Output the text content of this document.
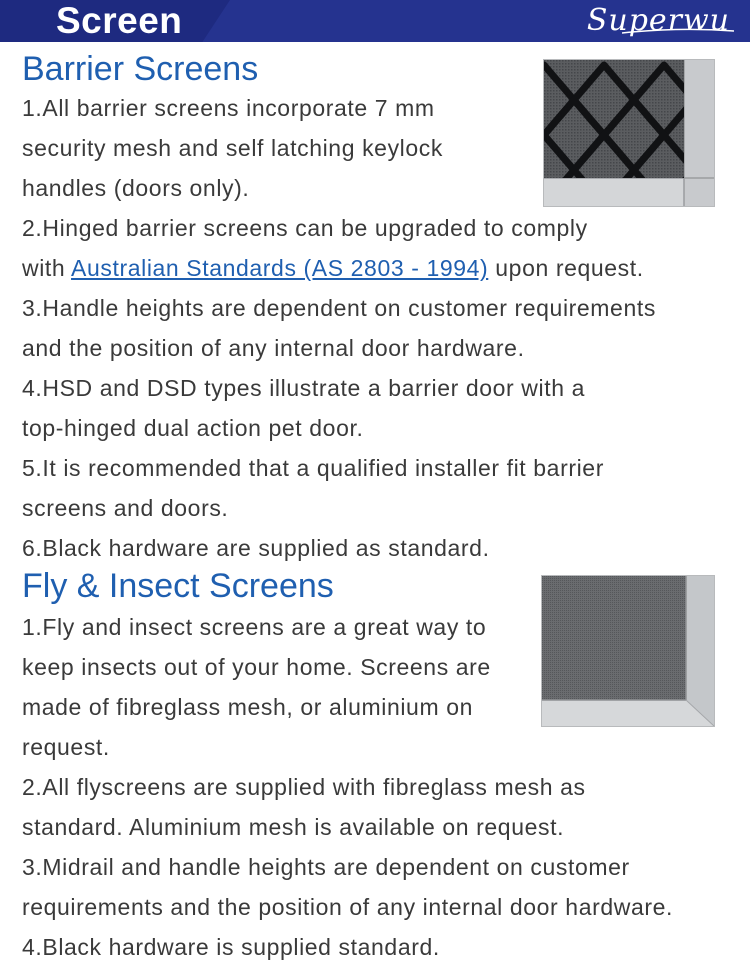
Screen	Superwu
Barrier Screens

1.All barrier screens incorporate 7 mm

security mesh and self latching keylock

handles (doors only).

2.Hinged barrier screens can be upgraded to comply

with Australian Standards (AS 2803 - 1994) upon request.

3.Handle heights are dependent on customer requirements

and the position of any internal door hardware.

4.HSD and DSD types illustrate a barrier door with a

top-hinged dual action pet door.

5.It is recommended that a qualified installer fit barrier

screens and doors.

6.Black hardware are supplied as standard.

Fly & Insect Screens

1.Fly and insect screens are a great way to

keep insects out of your home. Screens are

made of fibreglass mesh, or aluminium on

request.

2.All flyscreens are supplied with fibreglass mesh as

standard. Aluminium mesh is available on request.

3.Midrail and handle heights are dependent on customer

requirements and the position of any internal door hardware.

4.Black hardware is supplied standard.
